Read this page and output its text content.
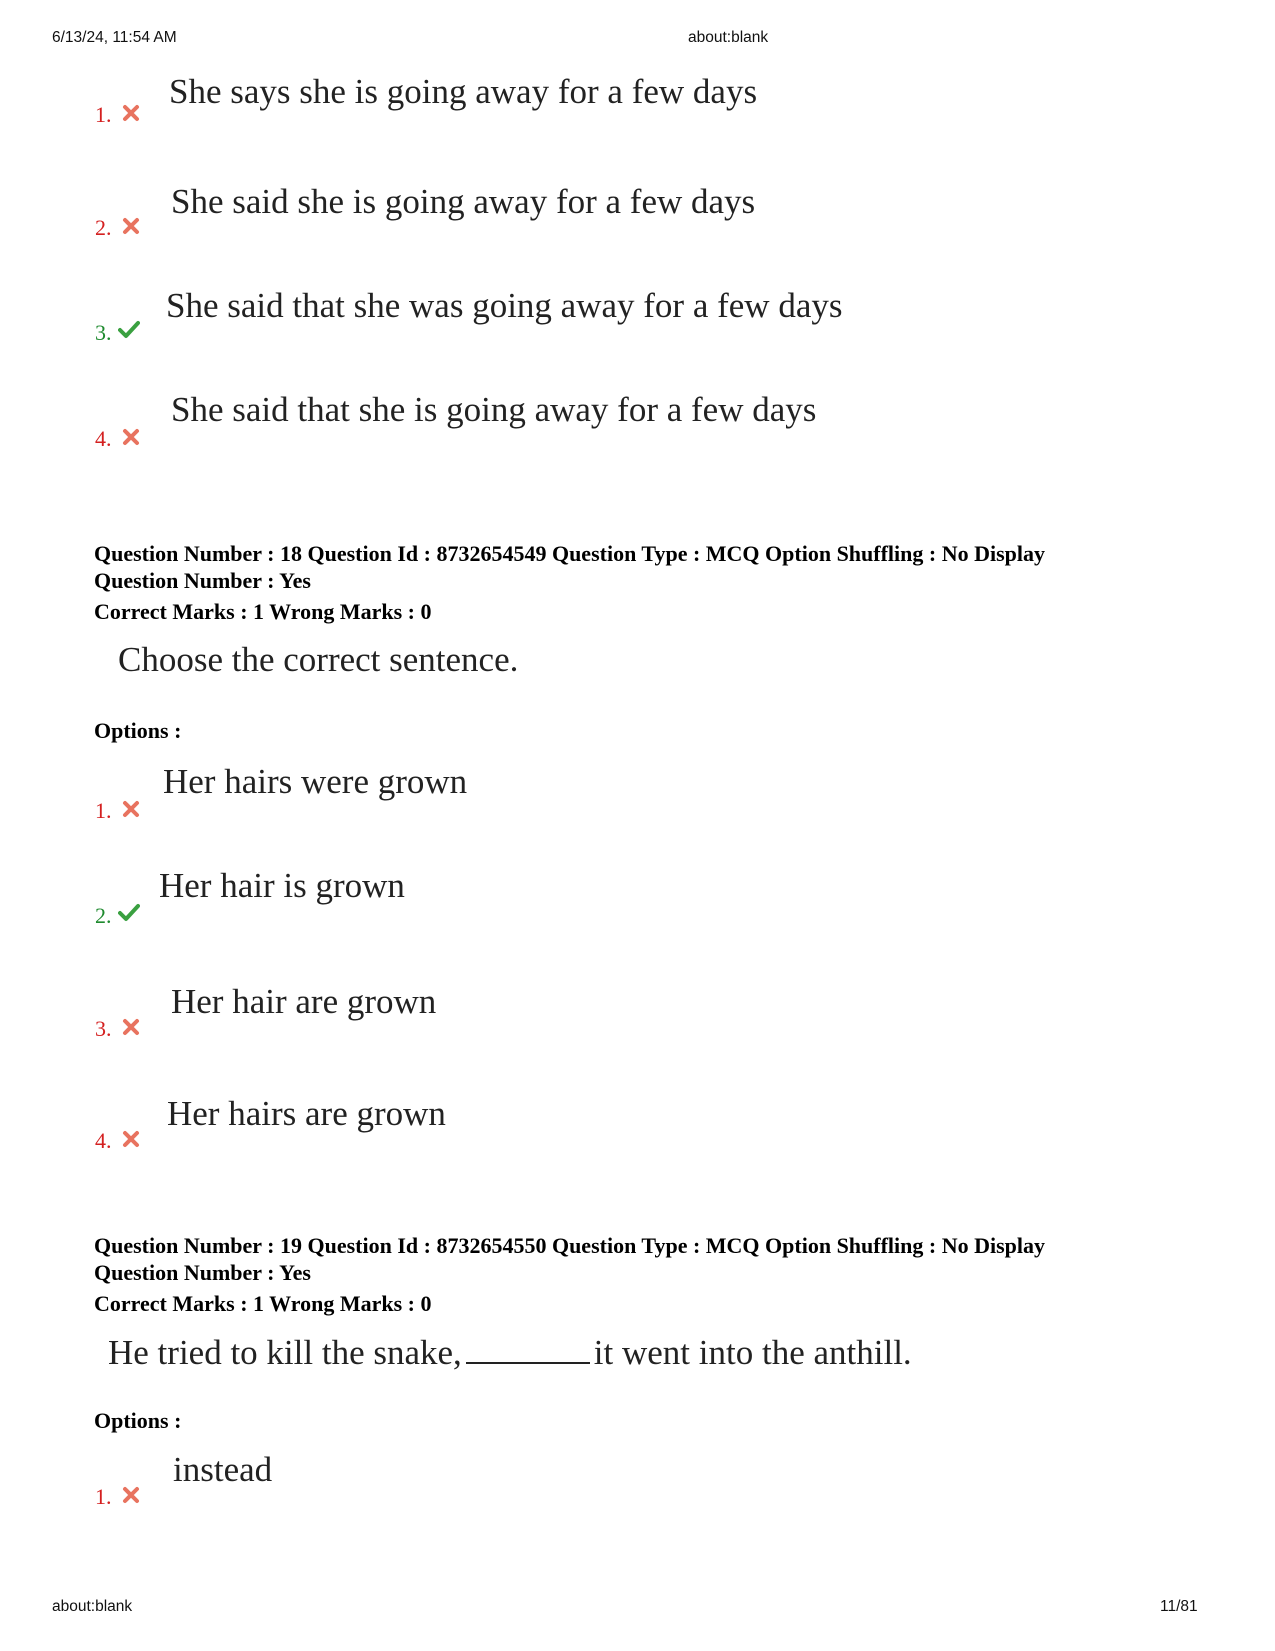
6/13/24, 11:54 AM	about:blank
1.
She says she is going away for a few days
2.
She said she is going away for a few days
3.
She said that she was going away for a few days
4.
She said that she is going away for a few days
Question Number : 18 Question Id : 8732654549 Question Type : MCQ Option Shuffling : No Display
Question Number : Yes
Correct Marks : 1 Wrong Marks : 0
Choose the correct sentence.
Options :
1.
Her hairs were grown
2.
Her hair is grown
3.
Her hair are grown
4.
Her hairs are grown
Question Number : 19 Question Id : 8732654550 Question Type : MCQ Option Shuffling : No Display
Question Number : Yes
Correct Marks : 1 Wrong Marks : 0
He tried to kill the snake,	it went into the anthill.
Options :
1.
instead
about:blank	11/81
